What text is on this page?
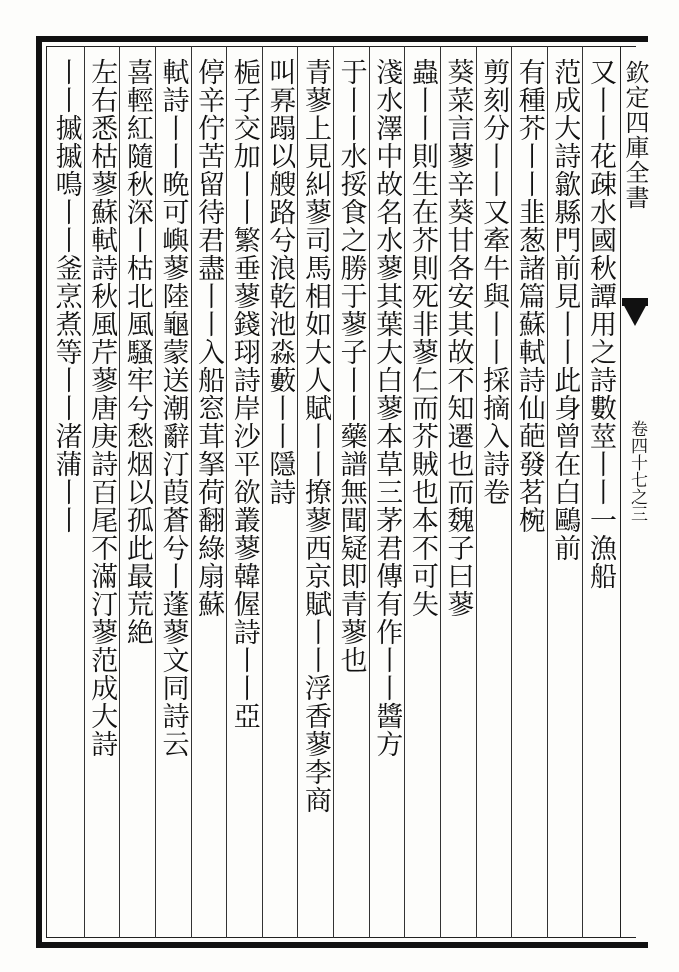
欽定四庫全書
卷四十七之三
又丨丨花疎水國秋譚用之詩數莖丨丨一漁船
范成大詩歙縣門前見丨丨此身曾在白鷗前
有種芥丨丨韭葱諸篇蘇軾詩仙葩發茗椀
剪刻分丨丨又牽牛與丨丨採摘入詩卷
葵菜言蓼辛葵甘各安其故不知遷也而魏子曰蓼
蟲丨丨則生在芥則死非蓼仁而芥賊也本不可失
淺水澤中故名水蓼其葉大白蓼本草三茅君傳有作丨丨醬方
于丨丨水挼食之勝于蓼子丨丨藥譜無聞疑即青蓼也
青蓼上見糾蓼司馬相如大人賦丨丨撩蓼西京賦丨丨浮香蓼李商
叫奡蹋以艘路兮浪乾池淼藪丨丨隱詩
梔子交加丨丨繁垂蓼錢珝詩岸沙平欲叢蓼韓偓詩丨丨亞
停辛佇苦留待君盡丨丨入船窓茸拏荷翻綠扇蘇
軾詩丨丨晩可嶼蓼陸龜蒙送潮辭汀葭蒼兮丨蓬蓼文同詩云
喜輕紅隨秋深丨枯北風騷牢兮愁烟以孤此最荒絶
左右悉枯蓼蘇軾詩秋風芹蓼唐庚詩百尾不滿汀蓼范成大詩
丨丨摵摵鳴丨丨釜烹煮等丨丨渚蒲丨丨
